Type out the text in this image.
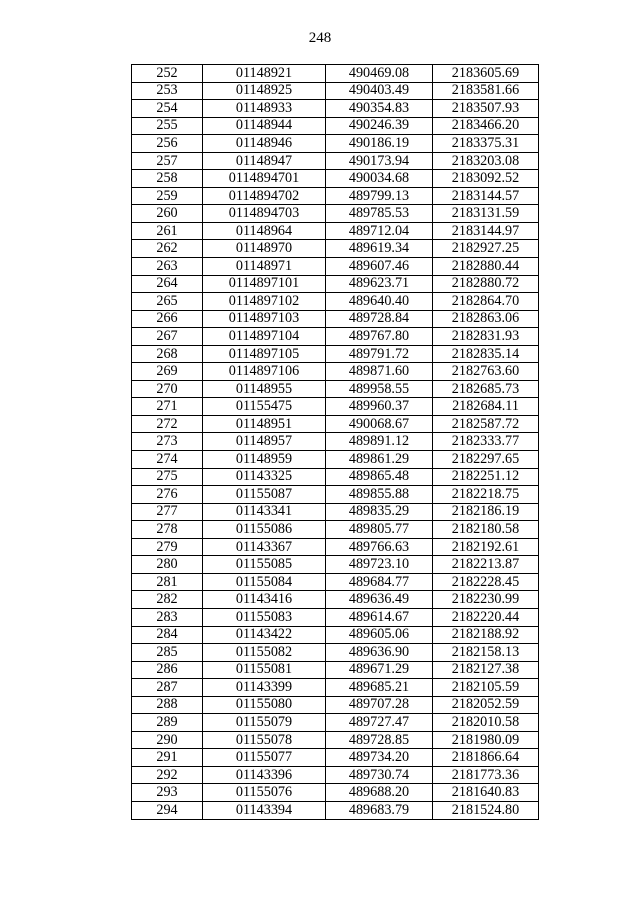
248
252	01148921	490469.08	2183605.69
253	01148925	490403.49	2183581.66
254	01148933	490354.83	2183507.93
255	01148944	490246.39	2183466.20
256	01148946	490186.19	2183375.31
257	01148947	490173.94	2183203.08
258	0114894701	490034.68	2183092.52
259	0114894702	489799.13	2183144.57
260	0114894703	489785.53	2183131.59
261	01148964	489712.04	2183144.97
262	01148970	489619.34	2182927.25
263	01148971	489607.46	2182880.44
264	0114897101	489623.71	2182880.72
265	0114897102	489640.40	2182864.70
266	0114897103	489728.84	2182863.06
267	0114897104	489767.80	2182831.93
268	0114897105	489791.72	2182835.14
269	0114897106	489871.60	2182763.60
270	01148955	489958.55	2182685.73
271	01155475	489960.37	2182684.11
272	01148951	490068.67	2182587.72
273	01148957	489891.12	2182333.77
274	01148959	489861.29	2182297.65
275	01143325	489865.48	2182251.12
276	01155087	489855.88	2182218.75
277	01143341	489835.29	2182186.19
278	01155086	489805.77	2182180.58
279	01143367	489766.63	2182192.61
280	01155085	489723.10	2182213.87
281	01155084	489684.77	2182228.45
282	01143416	489636.49	2182230.99
283	01155083	489614.67	2182220.44
284	01143422	489605.06	2182188.92
285	01155082	489636.90	2182158.13
286	01155081	489671.29	2182127.38
287	01143399	489685.21	2182105.59
288	01155080	489707.28	2182052.59
289	01155079	489727.47	2182010.58
290	01155078	489728.85	2181980.09
291	01155077	489734.20	2181866.64
292	01143396	489730.74	2181773.36
293	01155076	489688.20	2181640.83
294	01143394	489683.79	2181524.80
